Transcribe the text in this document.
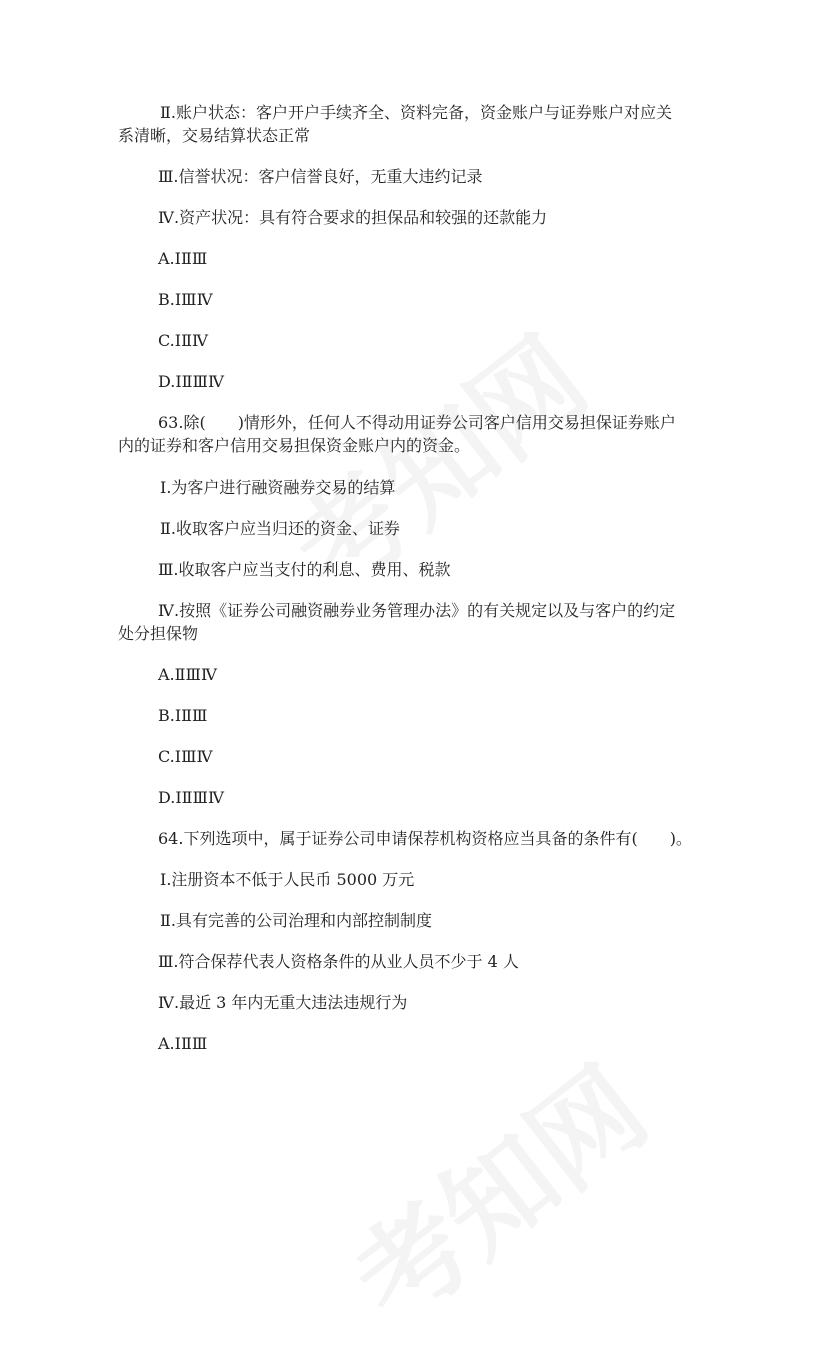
Ⅱ.账户状态：客户开户手续齐全、资料完备，资金账户与证券账户对应关
系清晰，交易结算状态正常
Ⅲ.信誉状况：客户信誉良好，无重大违约记录
Ⅳ.资产状况：具有符合要求的担保品和较强的还款能力
A.ⅠⅡⅢ
B.ⅠⅢⅣ
C.ⅠⅡⅣ
D.ⅠⅡⅢⅣ
63.除(　　)情形外，任何人不得动用证券公司客户信用交易担保证券账户
内的证券和客户信用交易担保资金账户内的资金。
Ⅰ.为客户进行融资融券交易的结算
Ⅱ.收取客户应当归还的资金、证券
Ⅲ.收取客户应当支付的利息、费用、税款
Ⅳ.按照《证券公司融资融券业务管理办法》的有关规定以及与客户的约定
处分担保物
A.ⅡⅢⅣ
B.ⅠⅡⅢ
C.ⅠⅢⅣ
D.ⅠⅡⅢⅣ
64.下列选项中，属于证券公司申请保荐机构资格应当具备的条件有(　　)。
Ⅰ.注册资本不低于人民币 5000 万元
Ⅱ.具有完善的公司治理和内部控制制度
Ⅲ.符合保荐代表人资格条件的从业人员不少于 4 人
Ⅳ.最近 3 年内无重大违法违规行为
A.ⅠⅡⅢ
